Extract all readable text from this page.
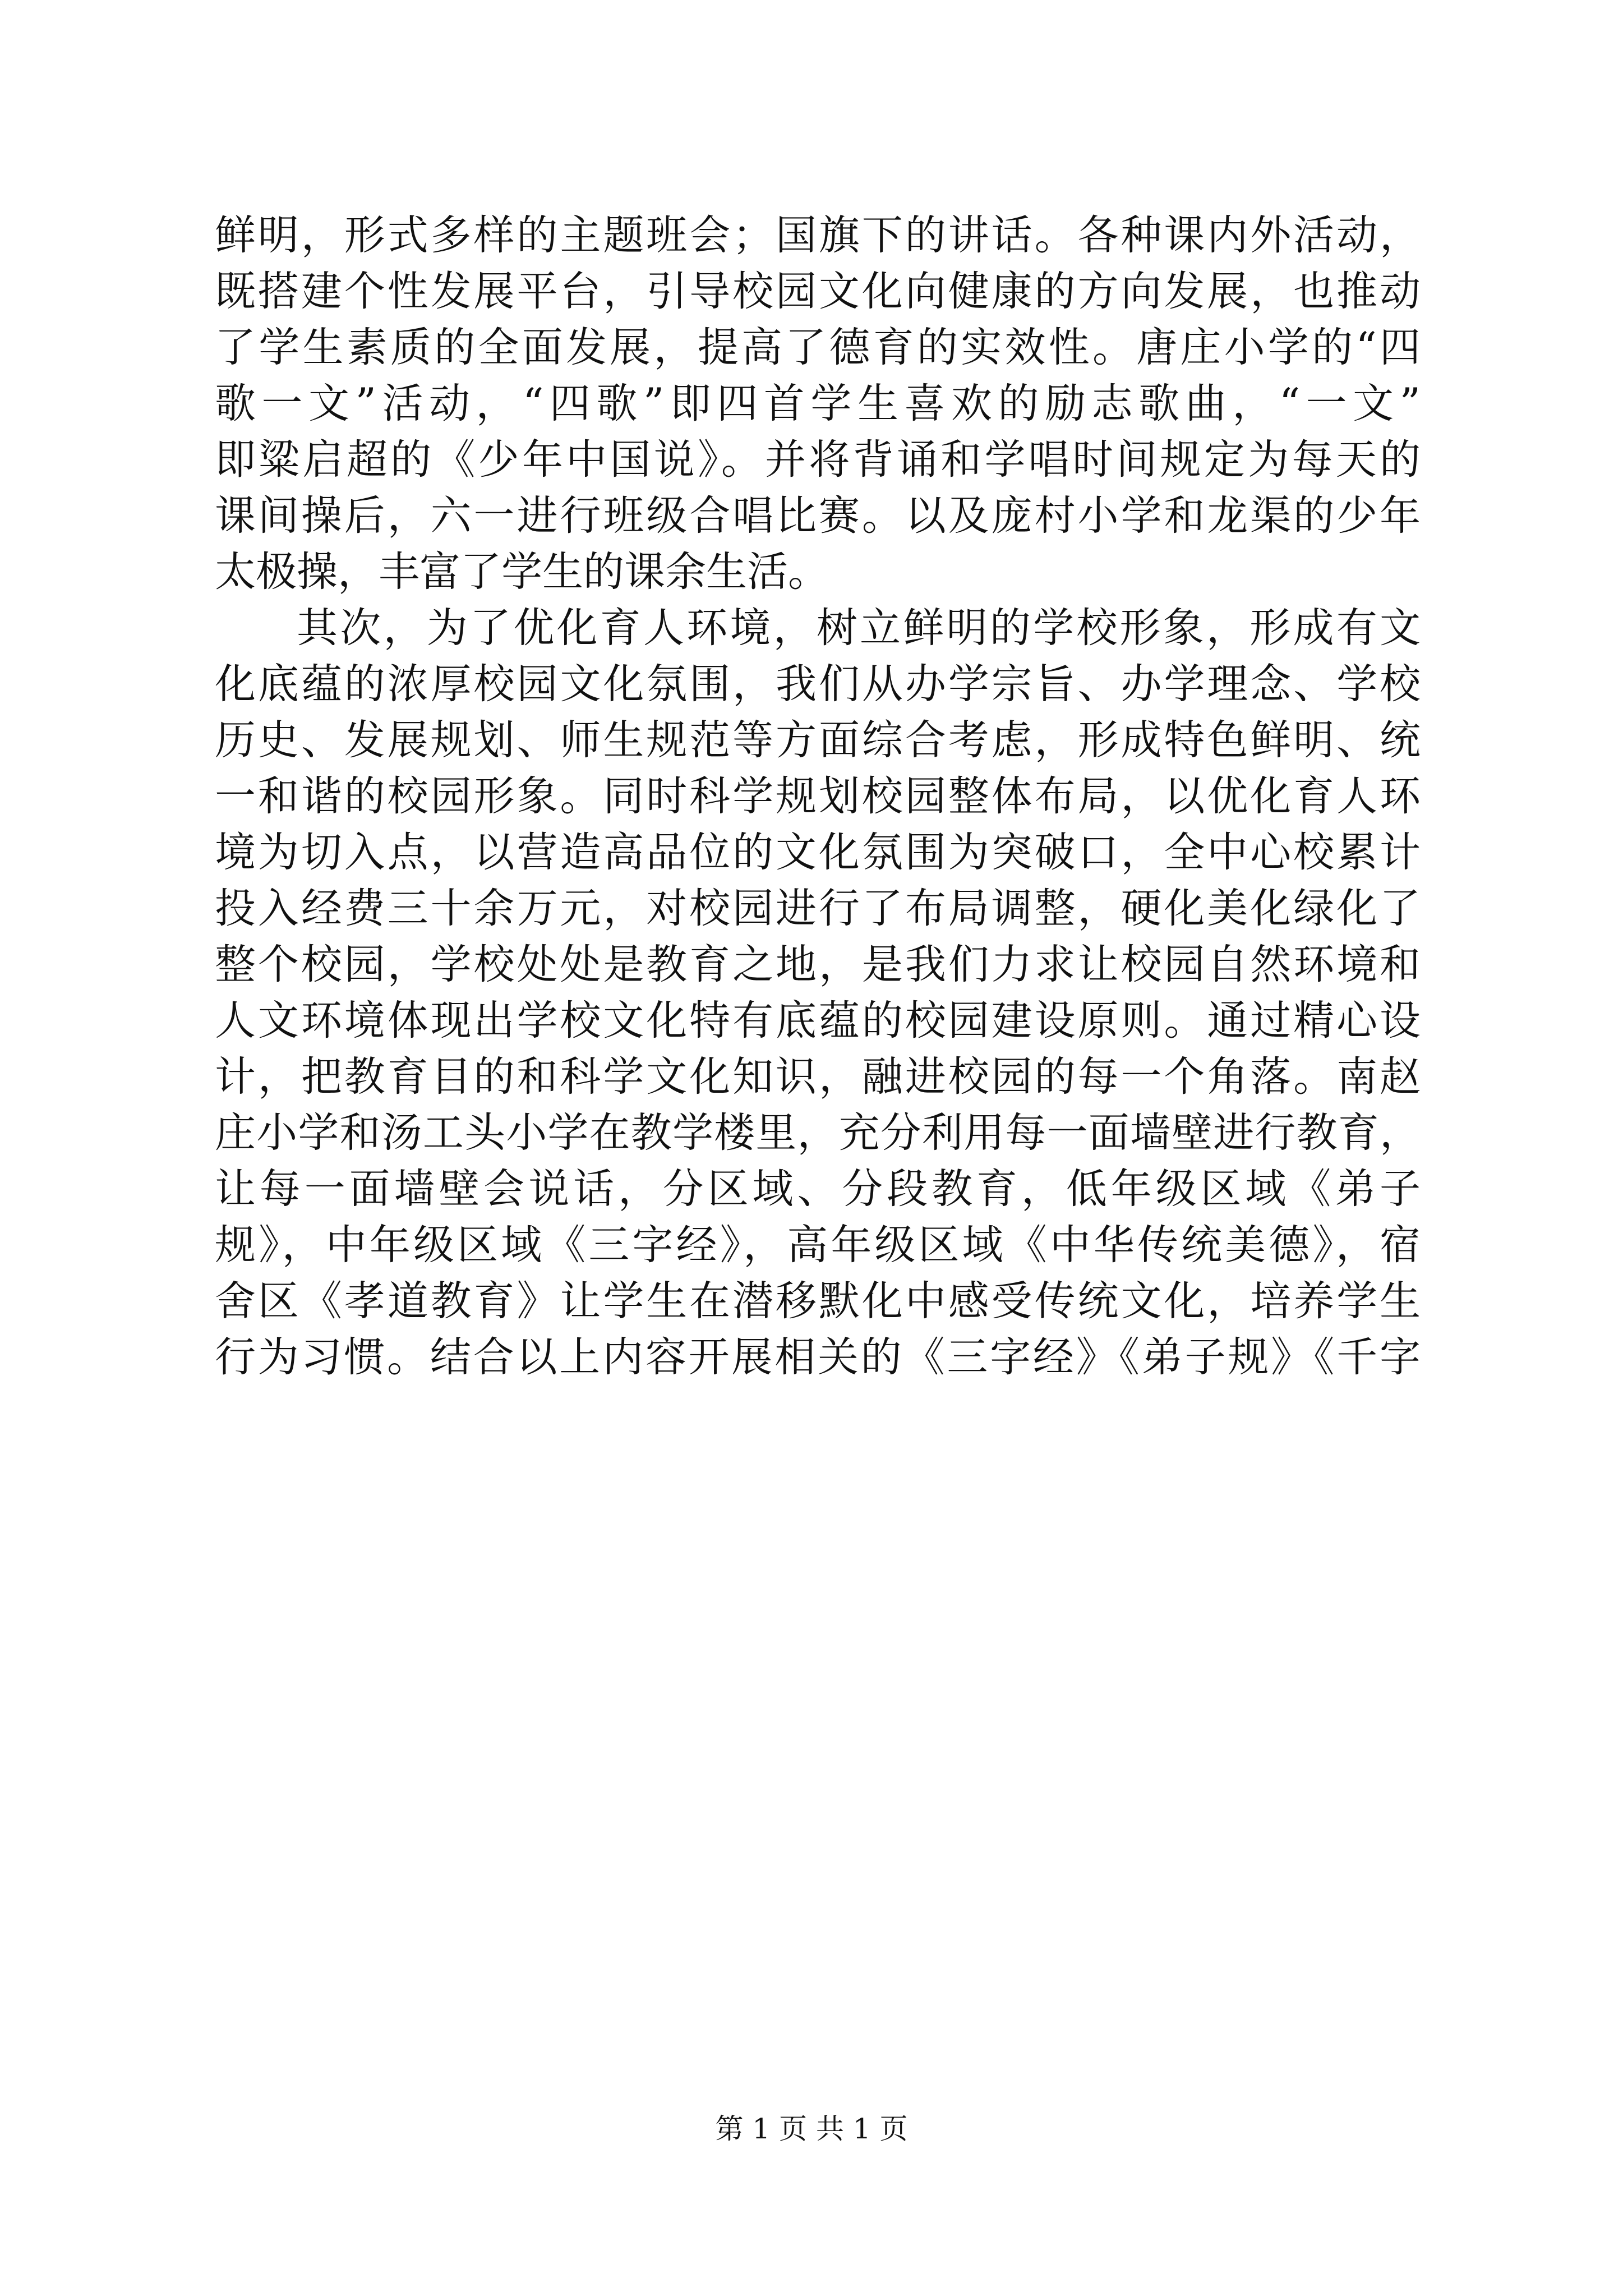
鲜明，形式多样的主题班会；国旗下的讲话。各种课内外活动，
既搭建个性发展平台，引导校园文化向健康的方向发展，也推动
了学生素质的全面发展，提高了德育的实效性。唐庄小学的“四
歌一文”活动，“四歌”即四首学生喜欢的励志歌曲，“一文”
即粱启超的《少年中国说》。并将背诵和学唱时间规定为每天的
课间操后，六一进行班级合唱比赛。以及庞村小学和龙渠的少年
太极操，丰富了学生的课余生活。
其次，为了优化育人环境，树立鲜明的学校形象，形成有文
化底蕴的浓厚校园文化氛围，我们从办学宗旨、办学理念、学校
历史、发展规划、师生规范等方面综合考虑，形成特色鲜明、统
一和谐的校园形象。同时科学规划校园整体布局，以优化育人环
境为切入点，以营造高品位的文化氛围为突破口，全中心校累计
投入经费三十余万元，对校园进行了布局调整，硬化美化绿化了
整个校园，学校处处是教育之地，是我们力求让校园自然环境和
人文环境体现出学校文化特有底蕴的校园建设原则。通过精心设
计，把教育目的和科学文化知识，融进校园的每一个角落。南赵
庄小学和汤工头小学在教学楼里，充分利用每一面墙壁进行教育，
让每一面墙壁会说话，分区域、分段教育，低年级区域《弟子
规》，中年级区域《三字经》，高年级区域《中华传统美德》，宿
舍区《孝道教育》让学生在潜移默化中感受传统文化，培养学生
行为习惯。结合以上内容开展相关的《三字经》《弟子规》《千字
第 1 页 共 1 页
